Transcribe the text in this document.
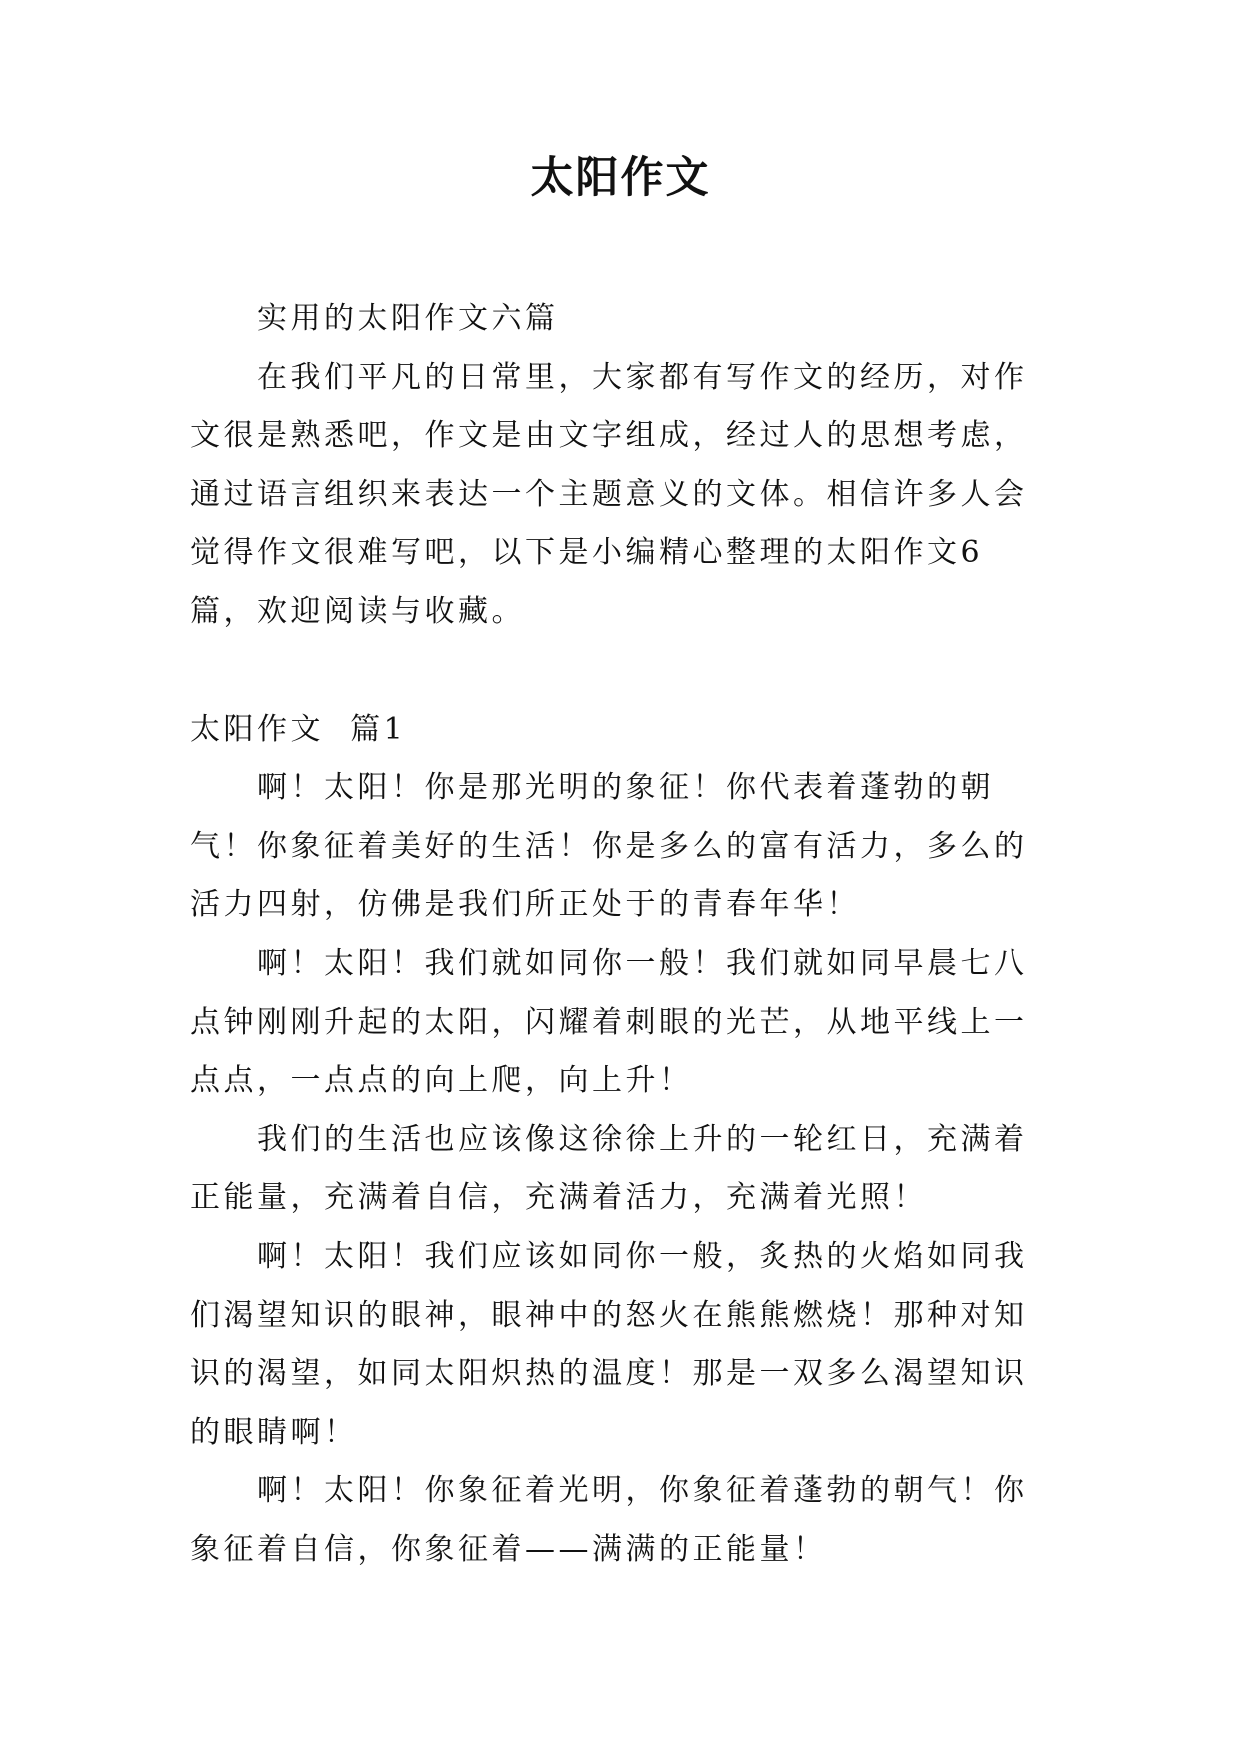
太阳作文

实用的太阳作文六篇

在我们平凡的日常里，大家都有写作文的经历，对作文很是熟悉吧，作文是由文字组成，经过人的思想考虑，通过语言组织来表达一个主题意义的文体。相信许多人会觉得作文很难写吧，以下是小编精心整理的太阳作文6篇，欢迎阅读与收藏。

太阳作文  篇1

啊！太阳！你是那光明的象征！你代表着蓬勃的朝气！你象征着美好的生活！你是多么的富有活力，多么的活力四射，仿佛是我们所正处于的青春年华！

啊！太阳！我们就如同你一般！我们就如同早晨七八点钟刚刚升起的太阳，闪耀着刺眼的光芒，从地平线上一点点，一点点的向上爬，向上升！

我们的生活也应该像这徐徐上升的一轮红日，充满着正能量，充满着自信，充满着活力，充满着光照！

啊！太阳！我们应该如同你一般，炙热的火焰如同我们渴望知识的眼神，眼神中的怒火在熊熊燃烧！那种对知识的渴望，如同太阳炽热的温度！那是一双多么渴望知识的眼睛啊！

啊！太阳！你象征着光明，你象征着蓬勃的朝气！你象征着自信，你象征着——满满的正能量！
